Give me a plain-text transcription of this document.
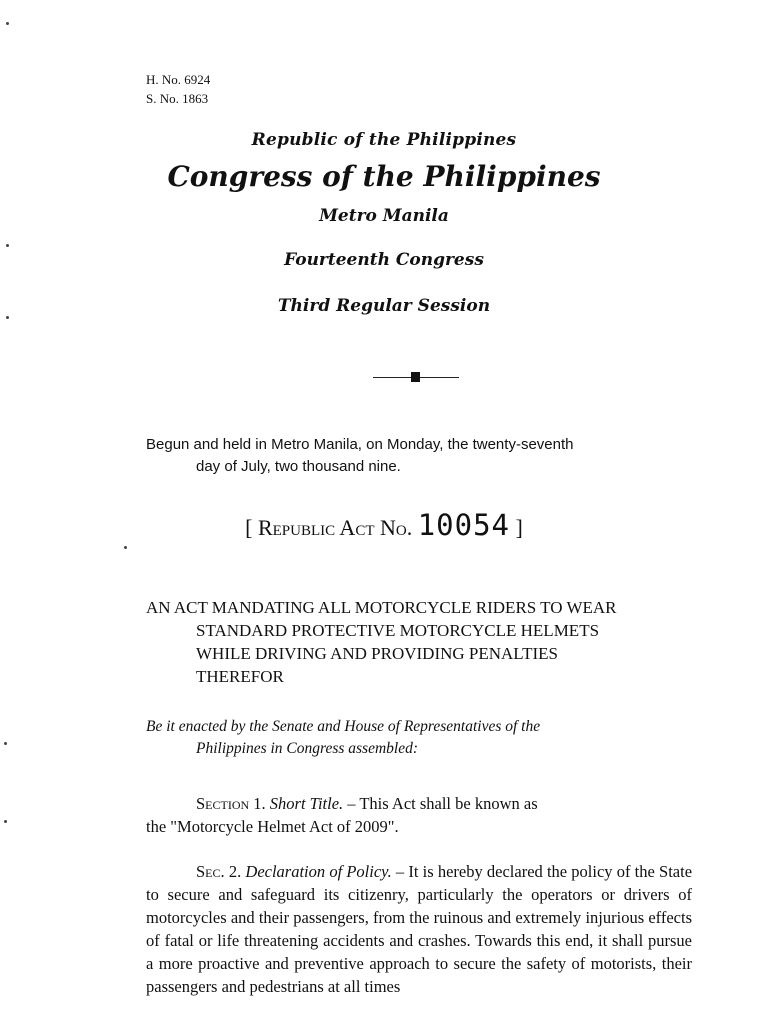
H. No. 6924
S. No. 1863
Republic of the Philippines
Congress of the Philippines
Metro Manila
Fourteenth Congress
Third Regular Session
Begun and held in Metro Manila, on Monday, the twenty-seventh
day of July, two thousand nine.
[ Republic Act No. 10054 ]
AN ACT MANDATING ALL MOTORCYCLE RIDERS TO WEAR
STANDARD PROTECTIVE MOTORCYCLE HELMETS
WHILE DRIVING AND PROVIDING PENALTIES
THEREFOR
Be it enacted by the Senate and House of Representatives of the
Philippines in Congress assembled:
Section 1. Short Title. – This Act shall be known as
the "Motorcycle Helmet Act of 2009".
Sec. 2. Declaration of Policy. – It is hereby declared the policy of the State to secure and safeguard its citizenry, particularly the operators or drivers of motorcycles and their passengers, from the ruinous and extremely injurious effects of fatal or life threatening accidents and crashes. Towards this end, it shall pursue a more proactive and preventive approach to secure the safety of motorists, their passengers and pedestrians at all times
